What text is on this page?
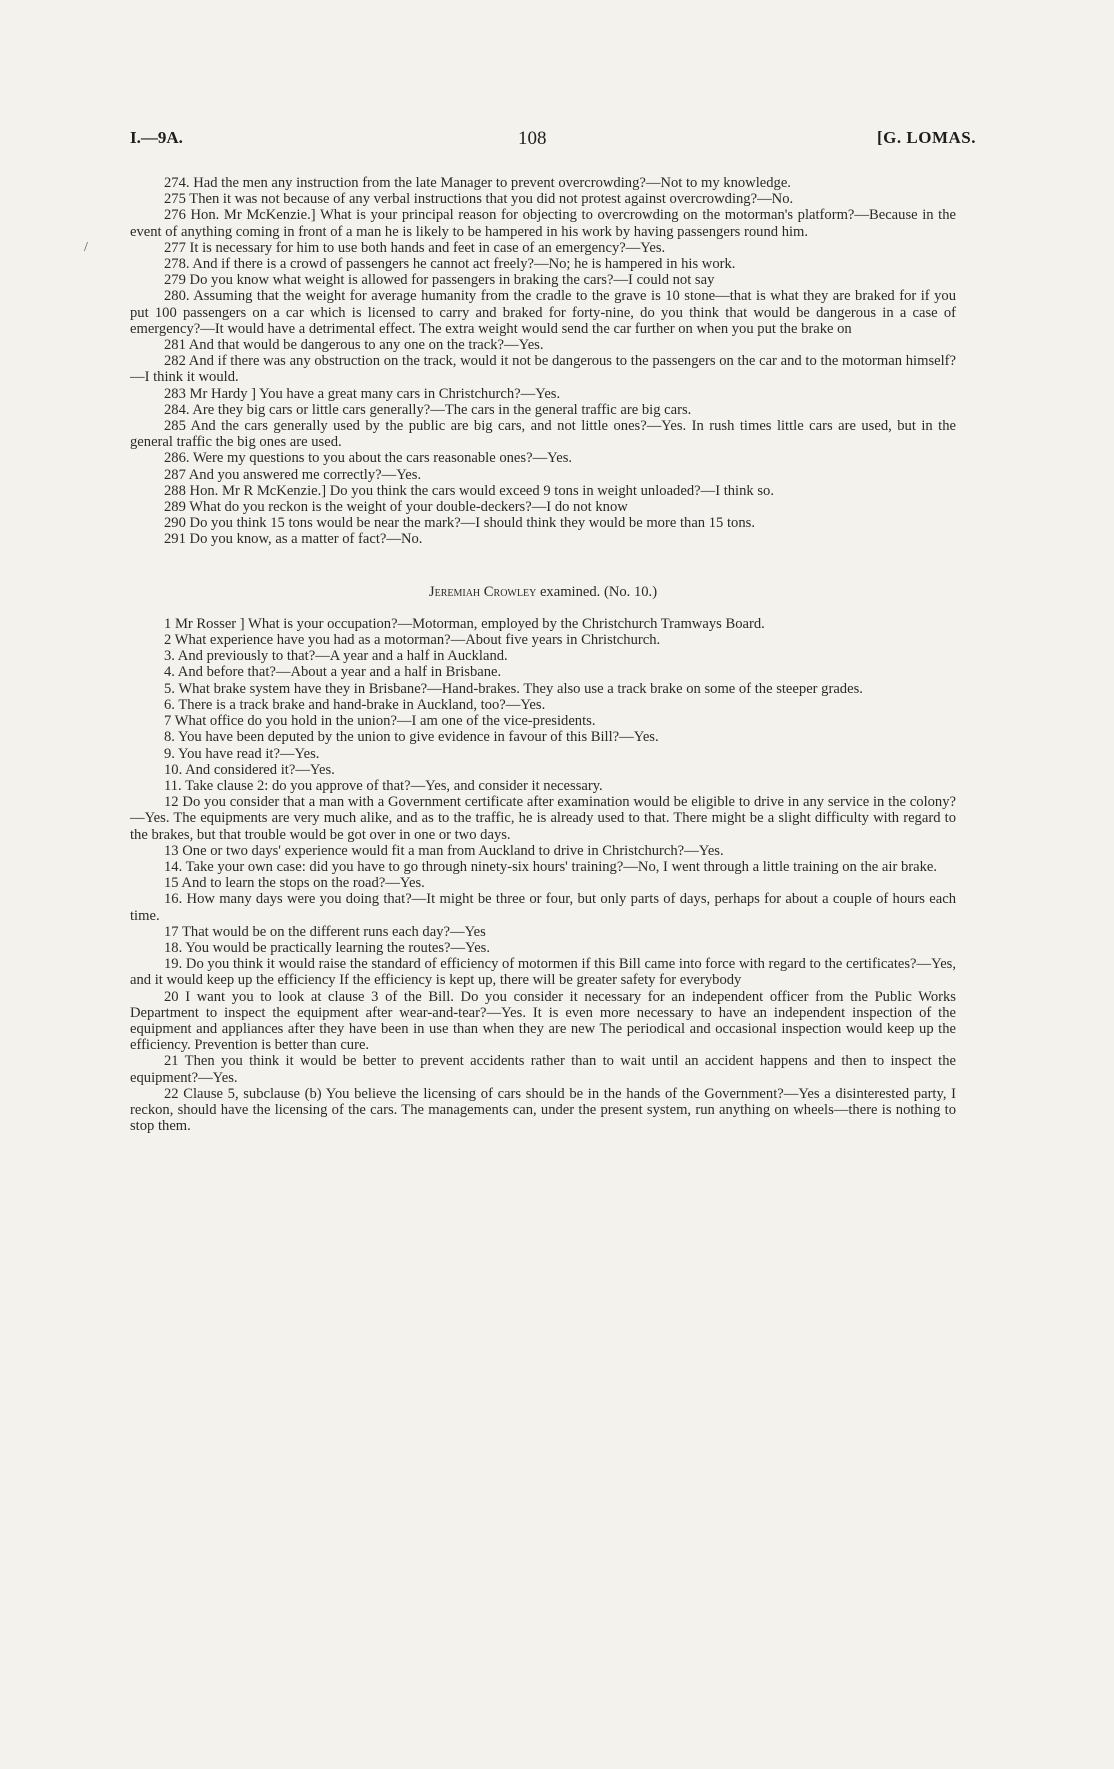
I.—9A.	108	[G. LOMAS.

274. Had the men any instruction from the late Manager to prevent overcrowding?—Not to my knowledge.

275 Then it was not because of any verbal instructions that you did not protest against overcrowding?—No.

276 Hon. Mr McKenzie.] What is your principal reason for objecting to overcrowding on the motorman's platform?—Because in the event of anything coming in front of a man he is likely to be hampered in his work by having passengers round him.

277 It is necessary for him to use both hands and feet in case of an emergency?—Yes.

278. And if there is a crowd of passengers he cannot act freely?—No; he is hampered in his work.

279 Do you know what weight is allowed for passengers in braking the cars?—I could not say

280. Assuming that the weight for average humanity from the cradle to the grave is 10 stone—that is what they are braked for if you put 100 passengers on a car which is licensed to carry and braked for forty-nine, do you think that would be dangerous in a case of emergency?—It would have a detrimental effect. The extra weight would send the car further on when you put the brake on

281 And that would be dangerous to any one on the track?—Yes.

282 And if there was any obstruction on the track, would it not be dangerous to the passengers on the car and to the motorman himself?—I think it would.

283 Mr Hardy ] You have a great many cars in Christchurch?—Yes.

284. Are they big cars or little cars generally?—The cars in the general traffic are big cars.

285 And the cars generally used by the public are big cars, and not little ones?—Yes. In rush times little cars are used, but in the general traffic the big ones are used.

286. Were my questions to you about the cars reasonable ones?—Yes.

287 And you answered me correctly?—Yes.

288 Hon. Mr R McKenzie.] Do you think the cars would exceed 9 tons in weight unloaded?—I think so.

289 What do you reckon is the weight of your double-deckers?—I do not know

290 Do you think 15 tons would be near the mark?—I should think they would be more than 15 tons.

291 Do you know, as a matter of fact?—No.

Jeremiah Crowley examined. (No. 10.)

1 Mr Rosser ] What is your occupation?—Motorman, employed by the Christchurch Tramways Board.

2 What experience have you had as a motorman?—About five years in Christchurch.

3. And previously to that?—A year and a half in Auckland.

4. And before that?—About a year and a half in Brisbane.

5. What brake system have they in Brisbane?—Hand-brakes. They also use a track brake on some of the steeper grades.

6. There is a track brake and hand-brake in Auckland, too?—Yes.

7 What office do you hold in the union?—I am one of the vice-presidents.

8. You have been deputed by the union to give evidence in favour of this Bill?—Yes.

9. You have read it?—Yes.

10. And considered it?—Yes.

11. Take clause 2: do you approve of that?—Yes, and consider it necessary.

12 Do you consider that a man with a Government certificate after examination would be eligible to drive in any service in the colony?—Yes. The equipments are very much alike, and as to the traffic, he is already used to that. There might be a slight difficulty with regard to the brakes, but that trouble would be got over in one or two days.

13 One or two days' experience would fit a man from Auckland to drive in Christchurch?—Yes.

14. Take your own case: did you have to go through ninety-six hours' training?—No, I went through a little training on the air brake.

15 And to learn the stops on the road?—Yes.

16. How many days were you doing that?—It might be three or four, but only parts of days, perhaps for about a couple of hours each time.

17 That would be on the different runs each day?—Yes

18. You would be practically learning the routes?—Yes.

19. Do you think it would raise the standard of efficiency of motormen if this Bill came into force with regard to the certificates?—Yes, and it would keep up the efficiency If the efficiency is kept up, there will be greater safety for everybody

20 I want you to look at clause 3 of the Bill. Do you consider it necessary for an independent officer from the Public Works Department to inspect the equipment after wear-and-tear?—Yes. It is even more necessary to have an independent inspection of the equipment and appliances after they have been in use than when they are new The periodical and occasional inspection would keep up the efficiency. Prevention is better than cure.

21 Then you think it would be better to prevent accidents rather than to wait until an accident happens and then to inspect the equipment?—Yes.

22 Clause 5, subclause (b) You believe the licensing of cars should be in the hands of the Government?—Yes a disinterested party, I reckon, should have the licensing of the cars. The managements can, under the present system, run anything on wheels—there is nothing to stop them.

/
